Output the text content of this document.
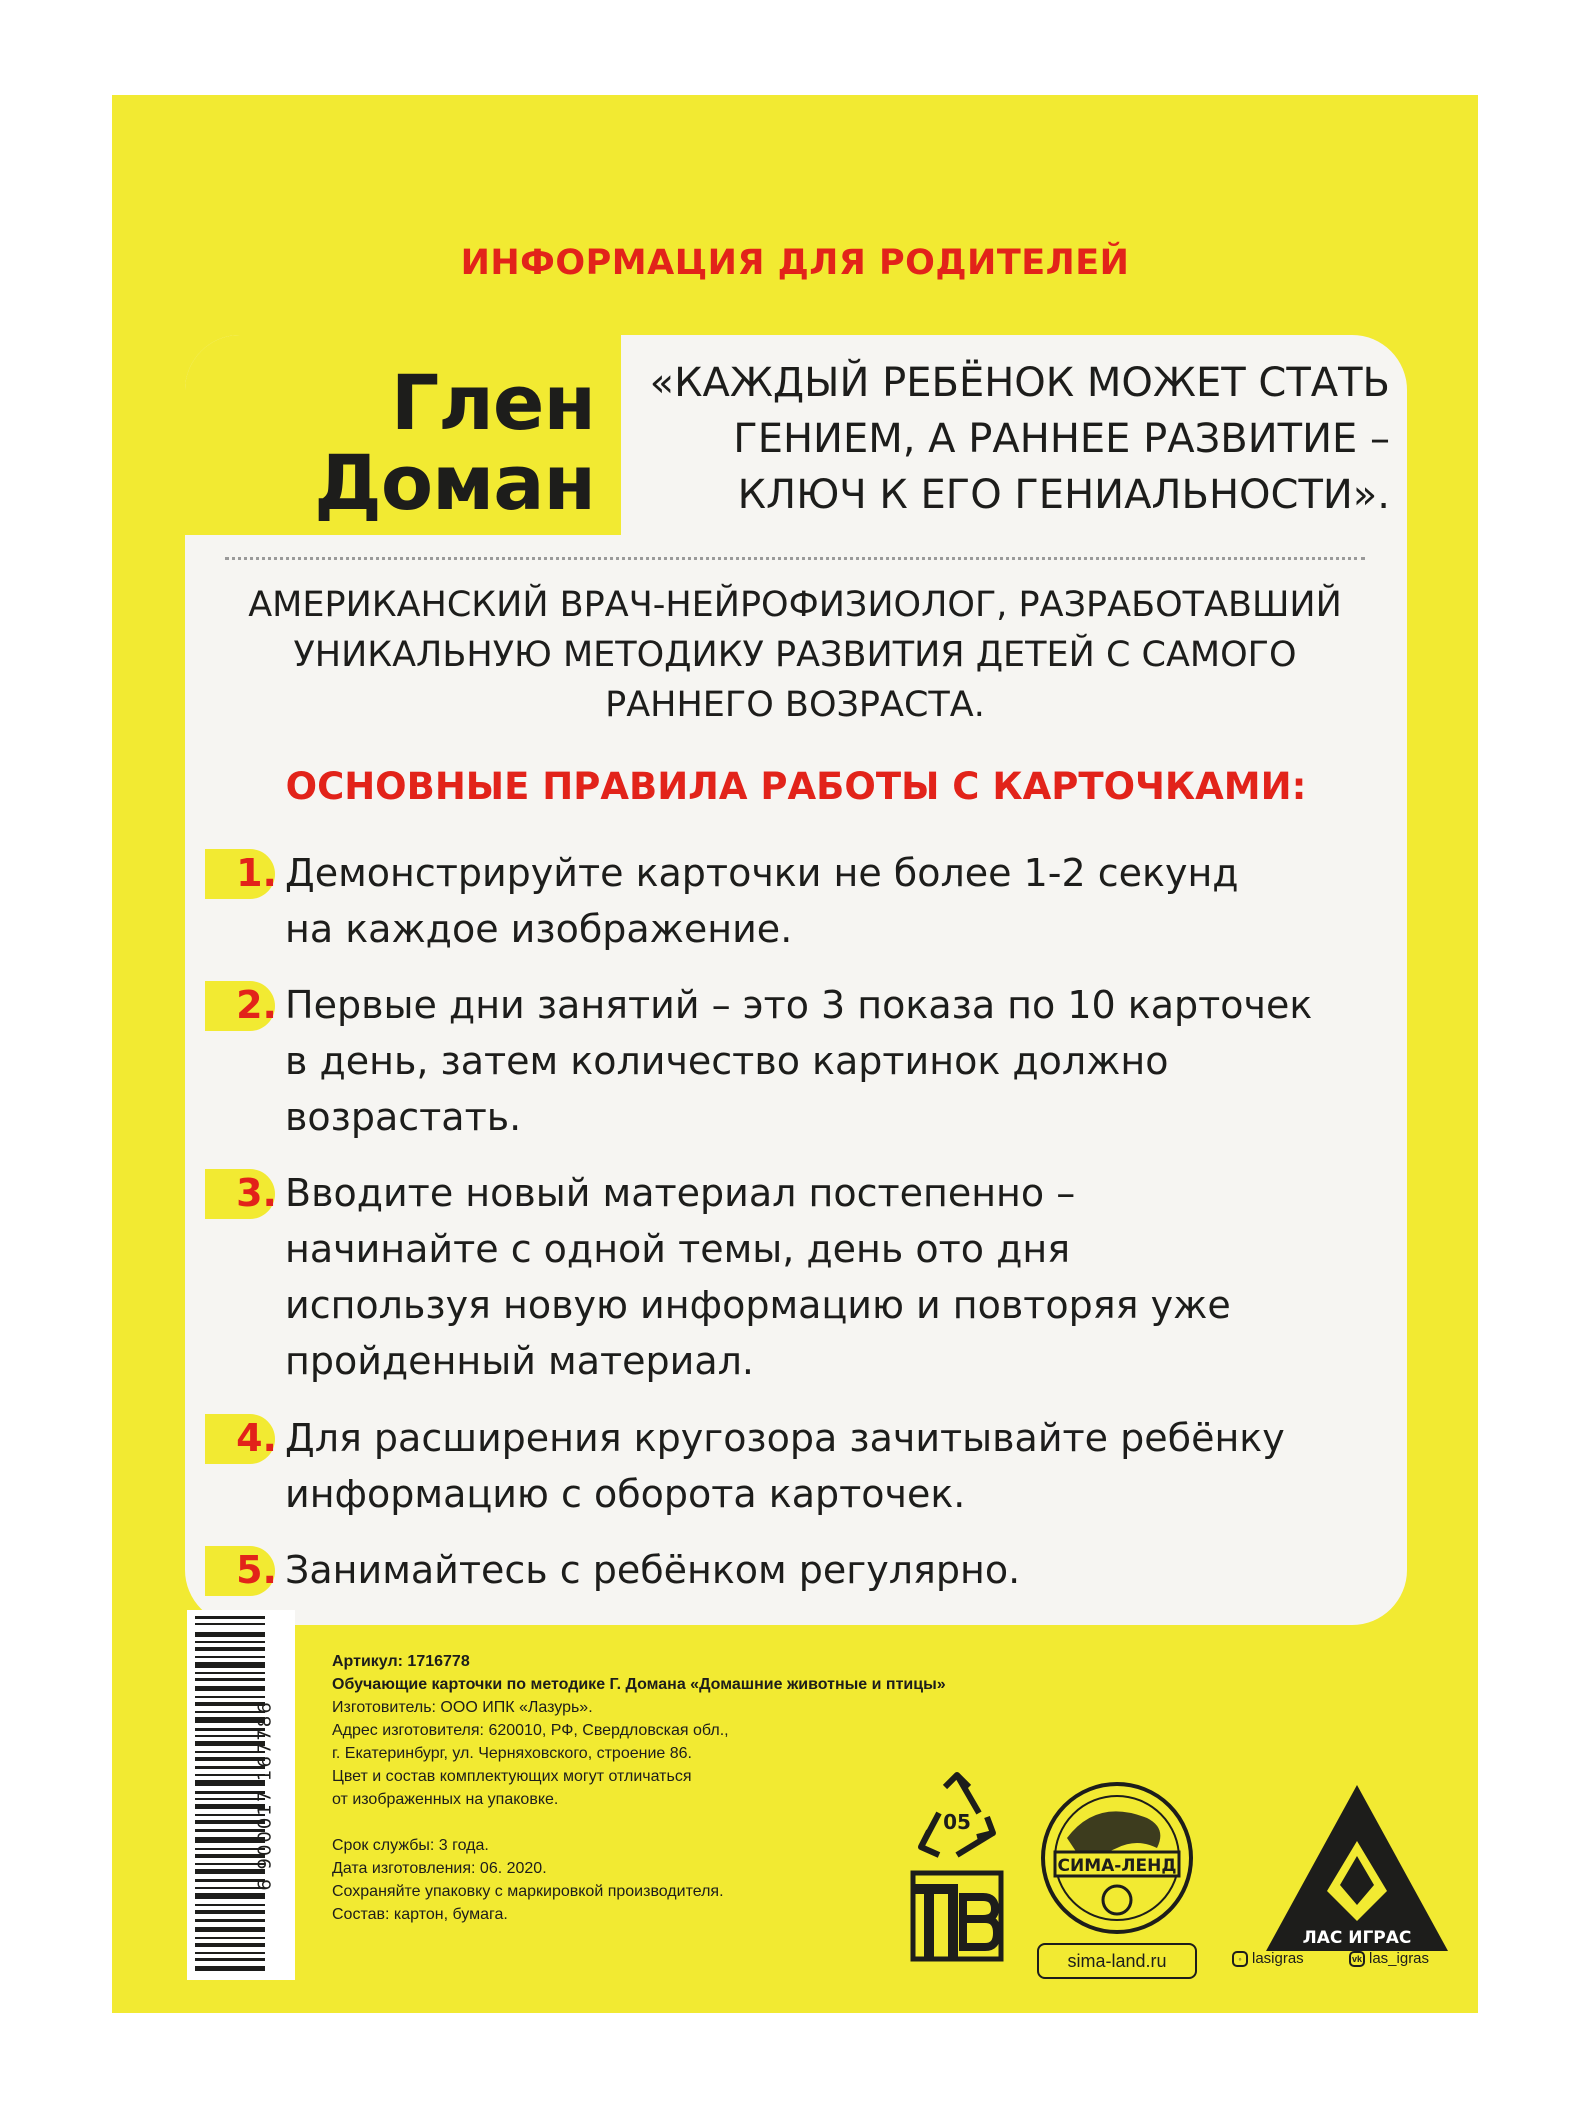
ИНФОРМАЦИЯ ДЛЯ РОДИТЕЛЕЙ
Глен Доман
«КАЖДЫЙ РЕБЁНОК МОЖЕТ СТАТЬ
ГЕНИЕМ, А РАННЕЕ РАЗВИТИЕ –
КЛЮЧ К ЕГО ГЕНИАЛЬНОСТИ».
АМЕРИКАНСКИЙ ВРАЧ-НЕЙРОФИЗИОЛОГ, РАЗРАБОТАВШИЙ
УНИКАЛЬНУЮ МЕТОДИКУ РАЗВИТИЯ ДЕТЕЙ С САМОГО
РАННЕГО ВОЗРАСТА.
ОСНОВНЫЕ ПРАВИЛА РАБОТЫ С КАРТОЧКАМИ:
1. Демонстрируйте карточки не более 1-2 секунд
на каждое изображение.
2. Первые дни занятий – это 3 показа по 10 карточек
в день, затем количество картинок должно
возрастать.
3. Вводите новый материал постепенно –
начинайте с одной темы, день ото дня
используя новую информацию и повторяя уже
пройденный материал.
4. Для расширения кругозора зачитывайте ребёнку
информацию с оборота карточек.
5. Занимайтесь с ребёнком регулярно.
6 900017 167786
Артикул: 1716778
Обучающие карточки по методике Г. Домана «Домашние животные и птицы»
Изготовитель: ООО ИПК «Лазурь».
Адрес изготовителя: 620010, РФ, Свердловская обл.,
г. Екатеринбург, ул. Черняховского, строение 86.
Цвет и состав комплектующих могут отличаться
от изображенных на упаковке.
Срок службы: 3 года.
Дата изготовления: 06. 2020.
Сохраняйте упаковку с маркировкой производителя.
Состав: картон, бумага.
05
СИМА-ЛЕНД
sima-land.ru
ЛАС ИГРАС
◦ lasigras	vk las_igras
